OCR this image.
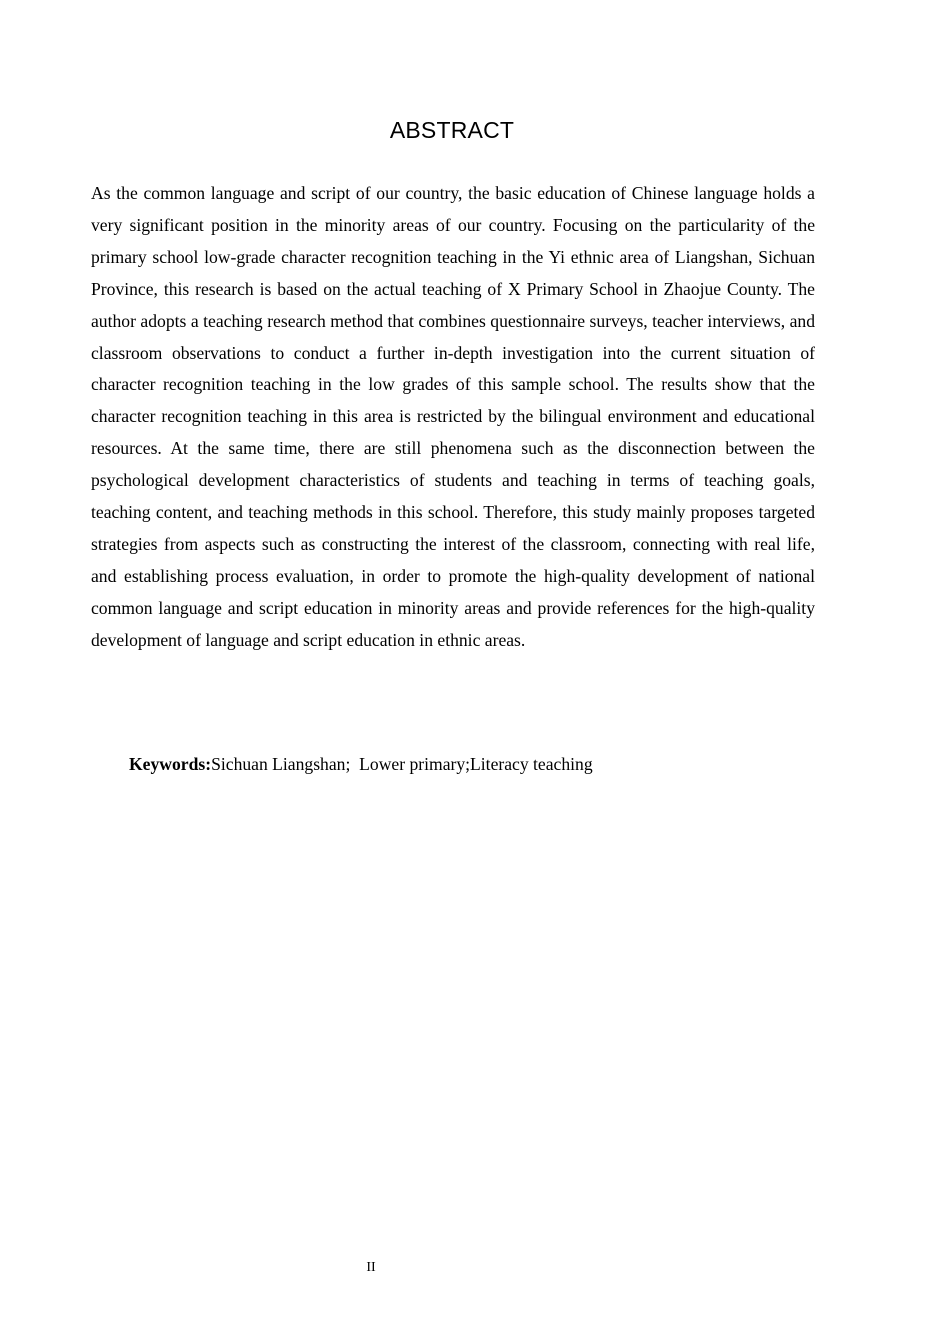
ABSTRACT

As the common language and script of our country, the basic education of Chinese language holds a very significant position in the minority areas of our country. Focusing on the particularity of the primary school low-grade character recognition teaching in the Yi ethnic area of Liangshan, Sichuan Province, this research is based on the actual teaching of X Primary School in Zhaojue County. The author adopts a teaching research method that combines questionnaire surveys, teacher interviews, and classroom observations to conduct a further in-depth investigation into the current situation of character recognition teaching in the low grades of this sample school. The results show that the character recognition teaching in this area is restricted by the bilingual environment and educational resources. At the same time, there are still phenomena such as the disconnection between the psychological development characteristics of students and teaching in terms of teaching goals, teaching content, and teaching methods in this school. Therefore, this study mainly proposes targeted strategies from aspects such as constructing the interest of the classroom, connecting with real life, and establishing process evaluation, in order to promote the high-quality development of national common language and script education in minority areas and provide references for the high-quality development of language and script education in ethnic areas.

Keywords:Sichuan Liangshan;  Lower primary;Literacy teaching
II
